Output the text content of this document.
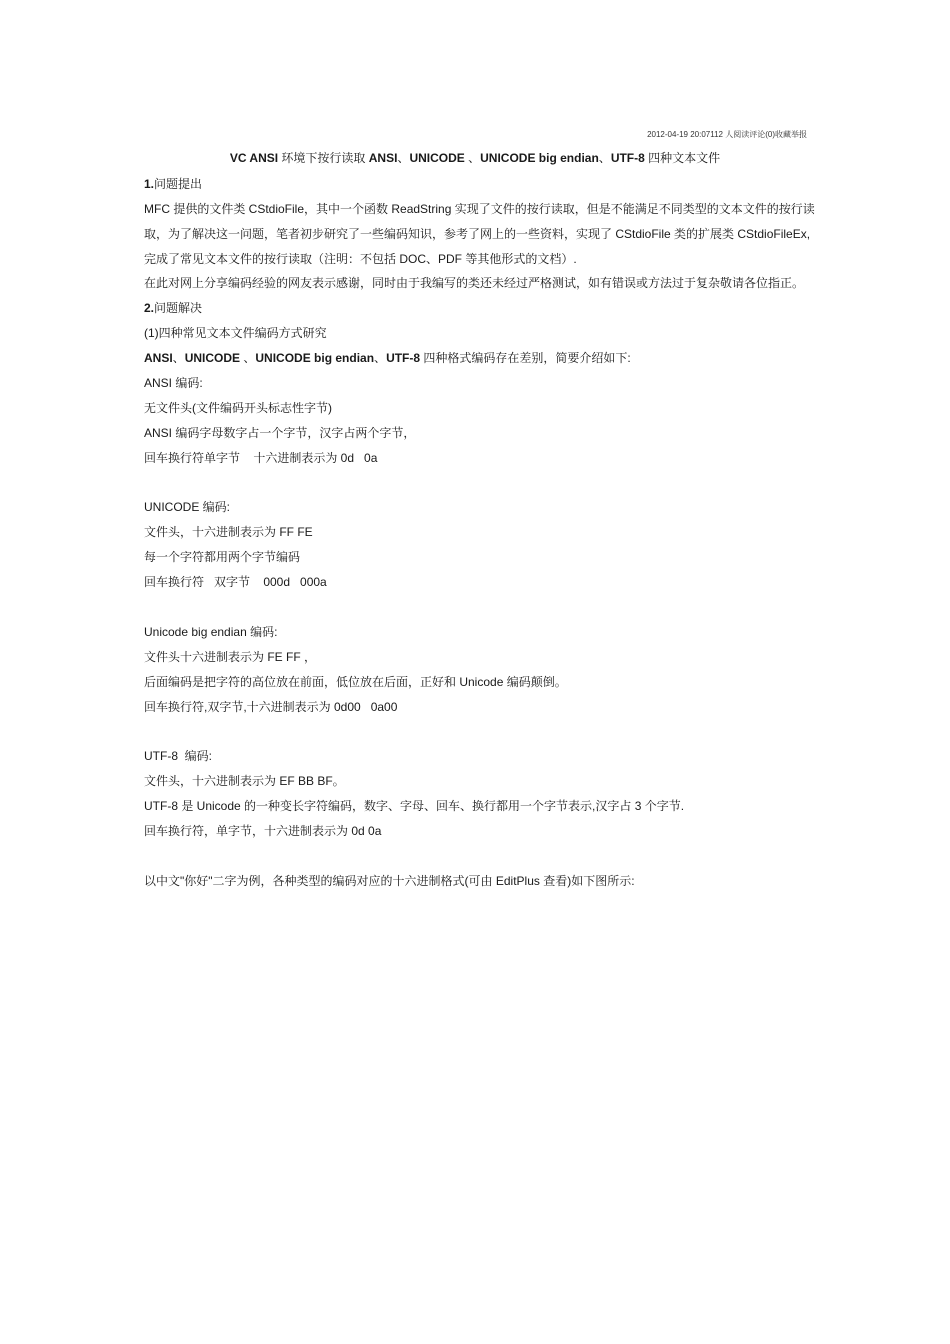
2012-04-19 20:07112 人阅读评论(0)收藏举报
VC ANSI 环境下按行读取 ANSI、UNICODE 、UNICODE big endian、UTF-8 四种文本文件
1.问题提出
MFC 提供的文件类 CStdioFile，其中一个函数 ReadString 实现了文件的按行读取，但是不能满足不同类型的文本文件的按行读
取，为了解决这一问题，笔者初步研究了一些编码知识，参考了网上的一些资料，实现了 CStdioFile 类的扩展类 CStdioFileEx,
完成了常见文本文件的按行读取（注明：不包括 DOC、PDF 等其他形式的文档）.
在此对网上分享编码经验的网友表示感谢，同时由于我编写的类还未经过严格测试，如有错误或方法过于复杂敬请各位指正。
2.问题解决
(1)四种常见文本文件编码方式研究
ANSI、UNICODE 、UNICODE big endian、UTF-8 四种格式编码存在差别，简要介绍如下:
ANSI 编码:
无文件头(文件编码开头标志性字节)
ANSI 编码字母数字占一个字节，汉字占两个字节，
回车换行符单字节    十六进制表示为 0d   0a
UNICODE 编码:
文件头，十六进制表示为 FF FE
每一个字符都用两个字节编码
回车换行符   双字节    000d   000a
Unicode big endian 编码:
文件头十六进制表示为 FE FF ，
后面编码是把字符的高位放在前面，低位放在后面，正好和 Unicode 编码颠倒。
回车换行符,双字节,十六进制表示为 0d00   0a00
UTF-8  编码:
文件头，十六进制表示为 EF BB BF。
UTF-8 是 Unicode 的一种变长字符编码，数字、字母、回车、换行都用一个字节表示,汉字占 3 个字节.
回车换行符，单字节，十六进制表示为 0d 0a
以中文"你好"二字为例，各种类型的编码对应的十六进制格式(可由 EditPlus 查看)如下图所示:
